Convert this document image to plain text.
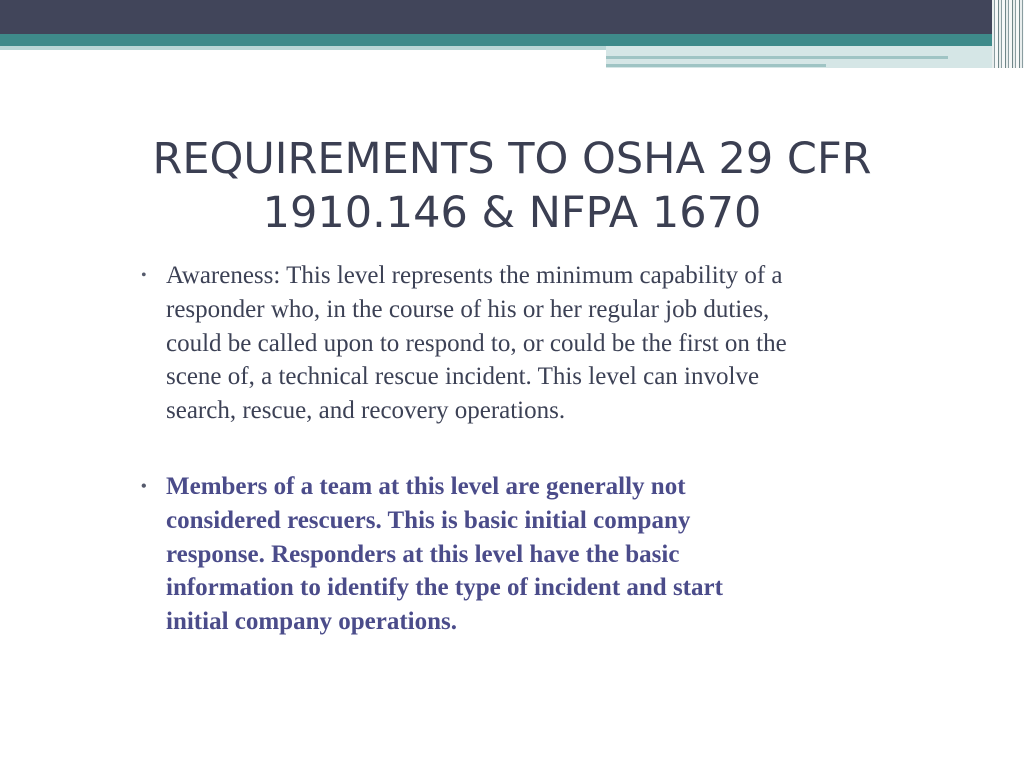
REQUIREMENTS TO OSHA 29 CFR
1910.146 & NFPA 1670
• Awareness: This level represents the minimum capability of a
responder who, in the course of his or her regular job duties,
could be called upon to respond to, or could be the first on the
scene of, a technical rescue incident. This level can involve
search, rescue, and recovery operations.
• Members of a team at this level are generally not
considered rescuers. This is basic initial company
response. Responders at this level have the basic
information to identify the type of incident and start
initial company operations.
